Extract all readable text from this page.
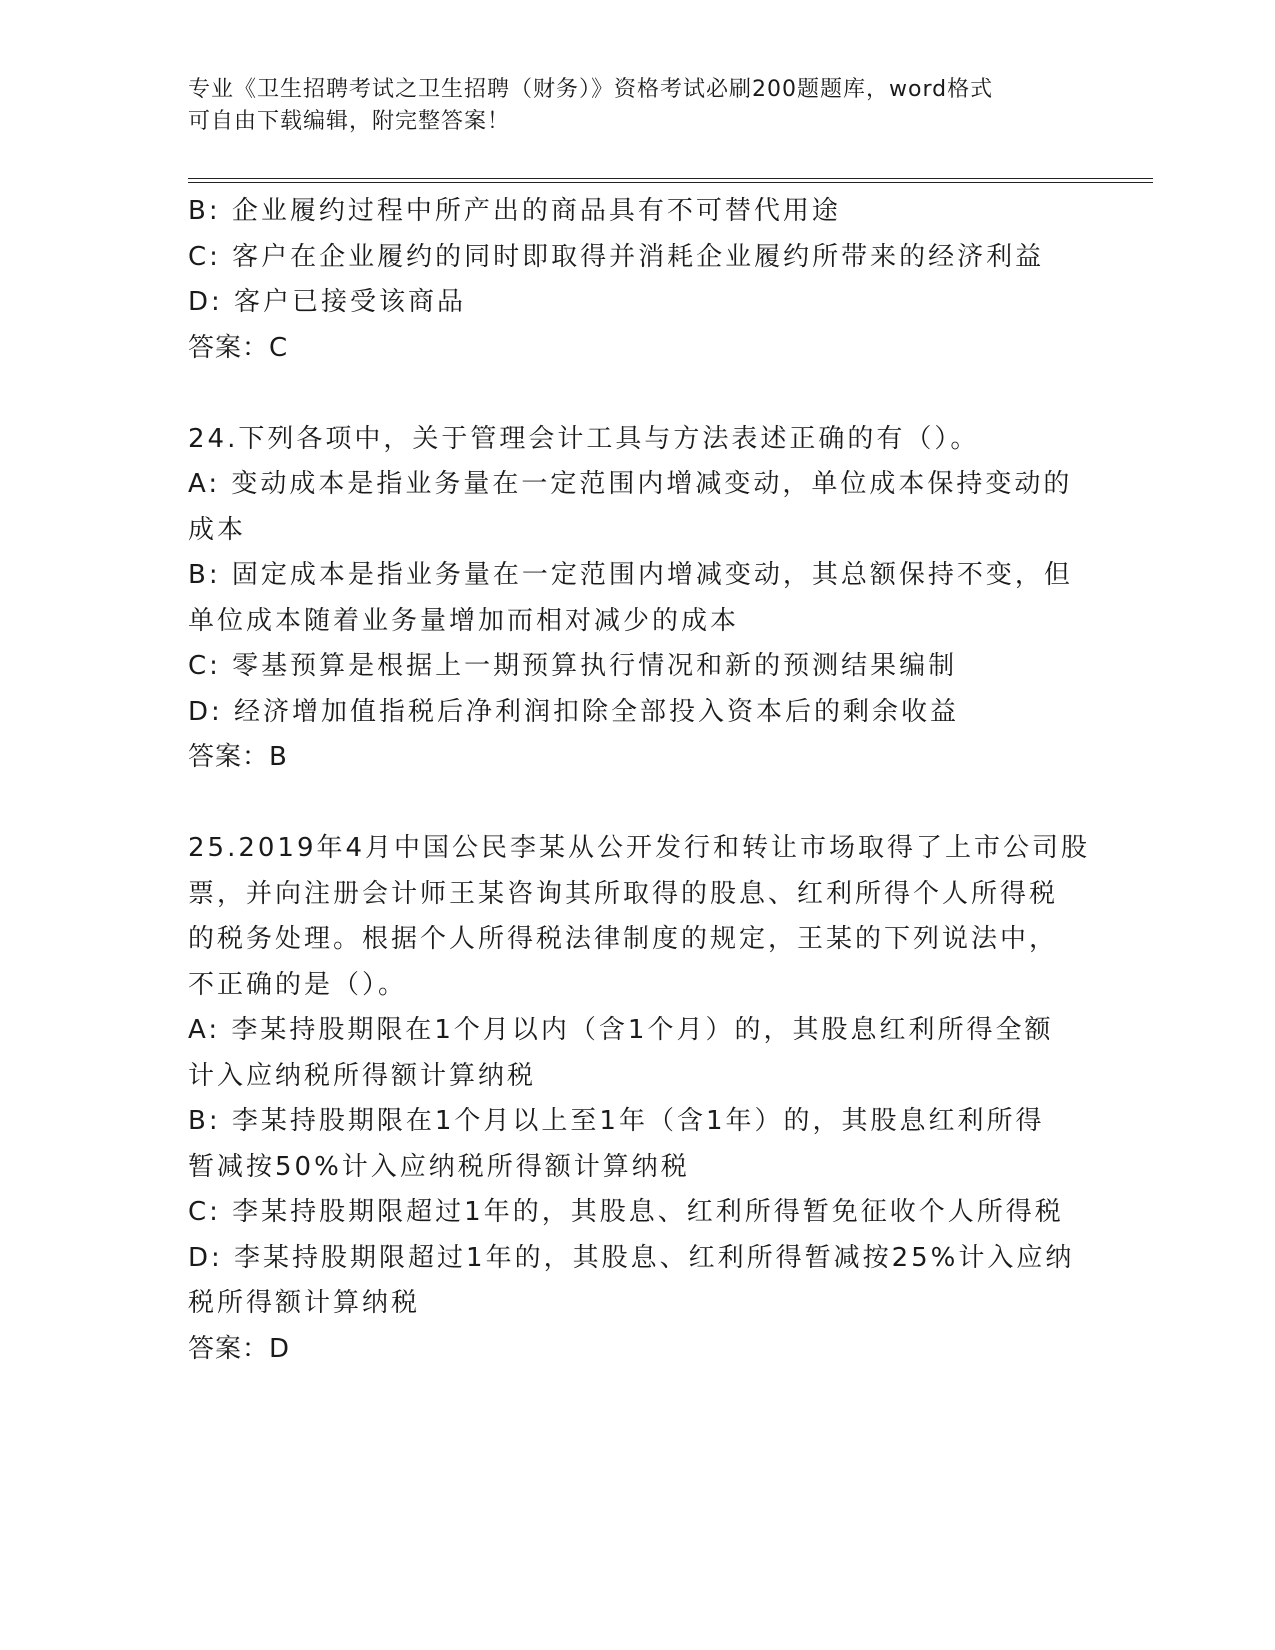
专业《卫生招聘考试之卫生招聘（财务）》资格考试必刷200题题库，word格式
可自由下载编辑，附完整答案！
B: 企业履约过程中所产出的商品具有不可替代用途
C: 客户在企业履约的同时即取得并消耗企业履约所带来的经济利益
D: 客户已接受该商品
答案：C
24.下列各项中，关于管理会计工具与方法表述正确的有（）。
A: 变动成本是指业务量在一定范围内增减变动，单位成本保持变动的
成本
B: 固定成本是指业务量在一定范围内增减变动，其总额保持不变，但
单位成本随着业务量增加而相对减少的成本
C: 零基预算是根据上一期预算执行情况和新的预测结果编制
D: 经济增加值指税后净利润扣除全部投入资本后的剩余收益
答案：B
25.2019年4月中国公民李某从公开发行和转让市场取得了上市公司股
票，并向注册会计师王某咨询其所取得的股息、红利所得个人所得税
的税务处理。根据个人所得税法律制度的规定，王某的下列说法中，
不正确的是（）。
A: 李某持股期限在1个月以内（含1个月）的，其股息红利所得全额
计入应纳税所得额计算纳税
B: 李某持股期限在1个月以上至1年（含1年）的，其股息红利所得
暂减按50%计入应纳税所得额计算纳税
C: 李某持股期限超过1年的，其股息、红利所得暂免征收个人所得税
D: 李某持股期限超过1年的，其股息、红利所得暂减按25%计入应纳
税所得额计算纳税
答案：D
